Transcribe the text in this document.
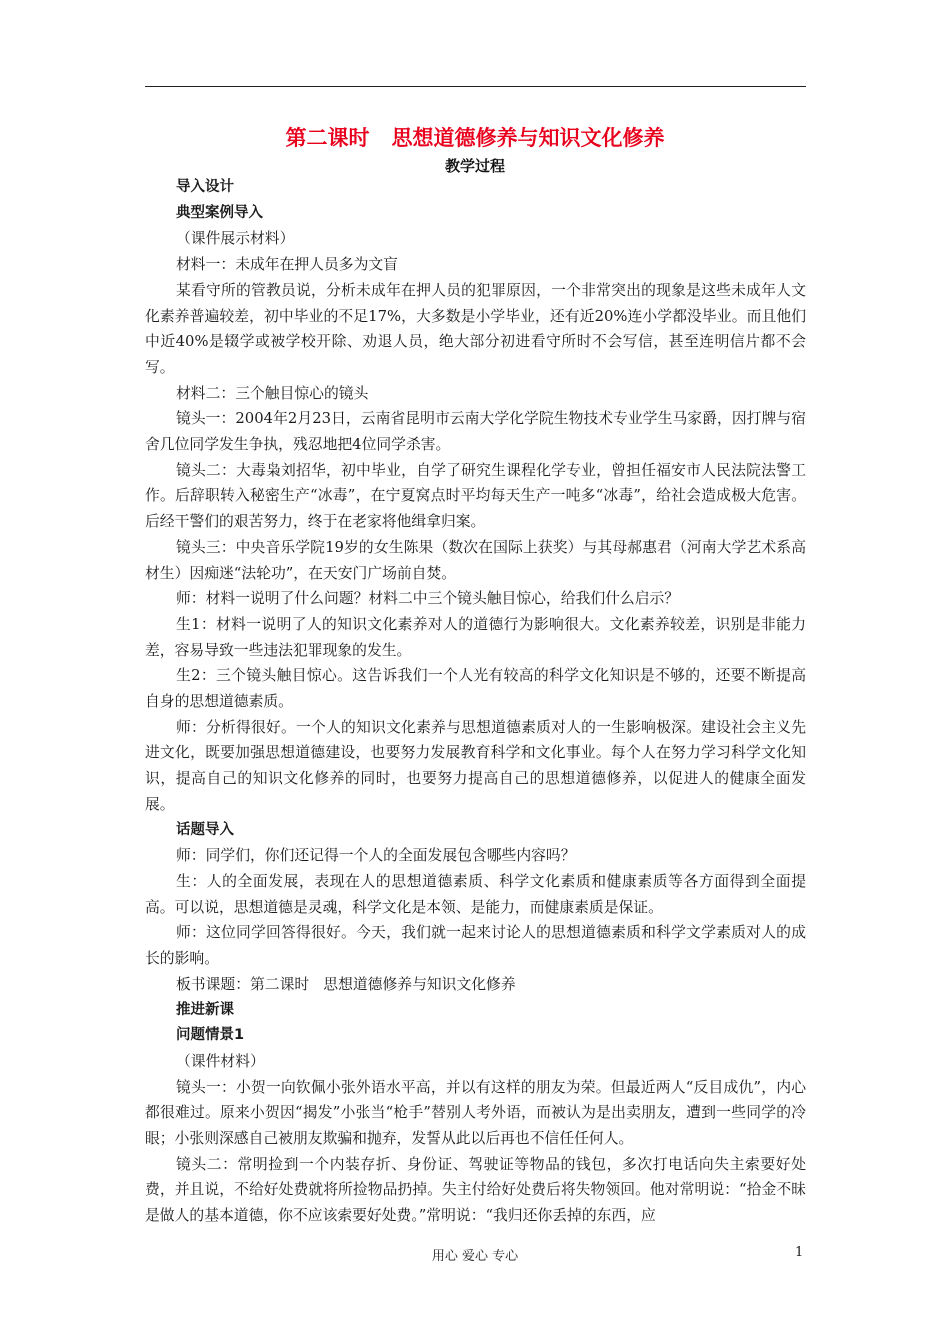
第二课时   思想道德修养与知识文化修养
教学过程

导入设计

典型案例导入

（课件展示材料）

材料一：未成年在押人员多为文盲

某看守所的管教员说，分析未成年在押人员的犯罪原因，一个非常突出的现象是这些未成年人文化素养普遍较差，初中毕业的不足17%，大多数是小学毕业，还有近20%连小学都没毕业。而且他们中近40%是辍学或被学校开除、劝退人员，绝大部分初进看守所时不会写信，甚至连明信片都不会写。

材料二：三个触目惊心的镜头

镜头一：2004年2月23日，云南省昆明市云南大学化学院生物技术专业学生马家爵，因打牌与宿舍几位同学发生争执，残忍地把4位同学杀害。

镜头二：大毒枭刘招华，初中毕业，自学了研究生课程化学专业，曾担任福安市人民法院法警工作。后辞职转入秘密生产“冰毒”，在宁夏窝点时平均每天生产一吨多“冰毒”，给社会造成极大危害。后经干警们的艰苦努力，终于在老家将他缉拿归案。

镜头三：中央音乐学院19岁的女生陈果（数次在国际上获奖）与其母郝惠君（河南大学艺术系高材生）因痴迷“法轮功”，在天安门广场前自焚。

师：材料一说明了什么问题？材料二中三个镜头触目惊心，给我们什么启示？

生1：材料一说明了人的知识文化素养对人的道德行为影响很大。文化素养较差，识别是非能力差，容易导致一些违法犯罪现象的发生。

生2：三个镜头触目惊心。这告诉我们一个人光有较高的科学文化知识是不够的，还要不断提高自身的思想道德素质。

师：分析得很好。一个人的知识文化素养与思想道德素质对人的一生影响极深。建设社会主义先进文化，既要加强思想道德建设，也要努力发展教育科学和文化事业。每个人在努力学习科学文化知识，提高自己的知识文化修养的同时，也要努力提高自己的思想道德修养，以促进人的健康全面发展。

话题导入

师：同学们，你们还记得一个人的全面发展包含哪些内容吗？

生：人的全面发展，表现在人的思想道德素质、科学文化素质和健康素质等各方面得到全面提高。可以说，思想道德是灵魂，科学文化是本领、是能力，而健康素质是保证。

师：这位同学回答得很好。今天，我们就一起来讨论人的思想道德素质和科学文学素质对人的成长的影响。

板书课题：第二课时   思想道德修养与知识文化修养

推进新课

问题情景1

（课件材料）

镜头一：小贺一向钦佩小张外语水平高，并以有这样的朋友为荣。但最近两人“反目成仇”，内心都很难过。原来小贺因“揭发”小张当“枪手”替别人考外语，而被认为是出卖朋友，遭到一些同学的冷眼；小张则深感自己被朋友欺骗和抛弃，发誓从此以后再也不信任任何人。

镜头二：常明捡到一个内装存折、身份证、驾驶证等物品的钱包，多次打电话向失主索要好处费，并且说，不给好处费就将所捡物品扔掉。失主付给好处费后将失物领回。他对常明说：“拾金不昧是做人的基本道德，你不应该索要好处费。”常明说：“我归还你丢掉的东西，应

用心 爱心 专心	1
